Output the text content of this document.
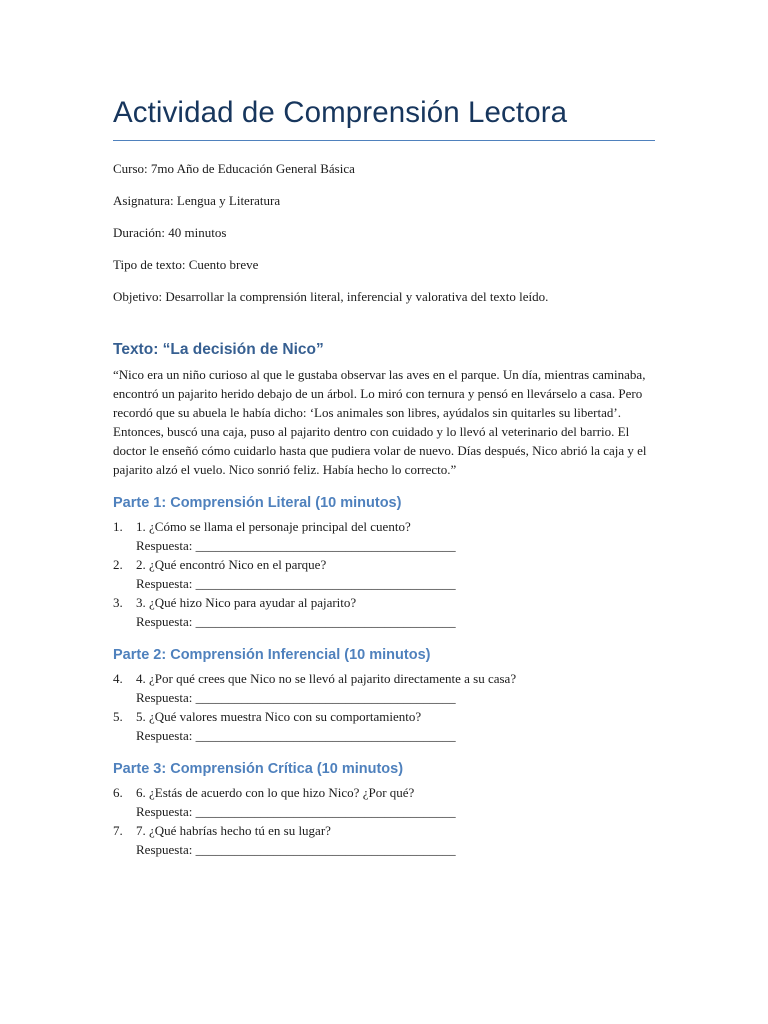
Actividad de Comprensión Lectora

Curso: 7mo Año de Educación General Básica

Asignatura: Lengua y Literatura

Duración: 40 minutos

Tipo de texto: Cuento breve

Objetivo: Desarrollar la comprensión literal, inferencial y valorativa del texto leído.

Texto: “La decisión de Nico”

“Nico era un niño curioso al que le gustaba observar las aves en el parque. Un día, mientras caminaba, encontró un pajarito herido debajo de un árbol. Lo miró con ternura y pensó en llevárselo a casa. Pero recordó que su abuela le había dicho: ‘Los animales son libres, ayúdalos sin quitarles su libertad’. Entonces, buscó una caja, puso al pajarito dentro con cuidado y lo llevó al veterinario del barrio. El doctor le enseñó cómo cuidarlo hasta que pudiera volar de nuevo. Días después, Nico abrió la caja y el pajarito alzó el vuelo. Nico sonrió feliz. Había hecho lo correcto.”

Parte 1: Comprensión Literal (10 minutos)
1. 1. ¿Cómo se llama el personaje principal del cuento?
Respuesta: ________________________________________
2. 2. ¿Qué encontró Nico en el parque?
Respuesta: ________________________________________
3. 3. ¿Qué hizo Nico para ayudar al pajarito?
Respuesta: ________________________________________
Parte 2: Comprensión Inferencial (10 minutos)
4. 4. ¿Por qué crees que Nico no se llevó al pajarito directamente a su casa?
Respuesta: ________________________________________
5. 5. ¿Qué valores muestra Nico con su comportamiento?
Respuesta: ________________________________________
Parte 3: Comprensión Crítica (10 minutos)
6. 6. ¿Estás de acuerdo con lo que hizo Nico? ¿Por qué?
Respuesta: ________________________________________
7. 7. ¿Qué habrías hecho tú en su lugar?
Respuesta: ________________________________________
